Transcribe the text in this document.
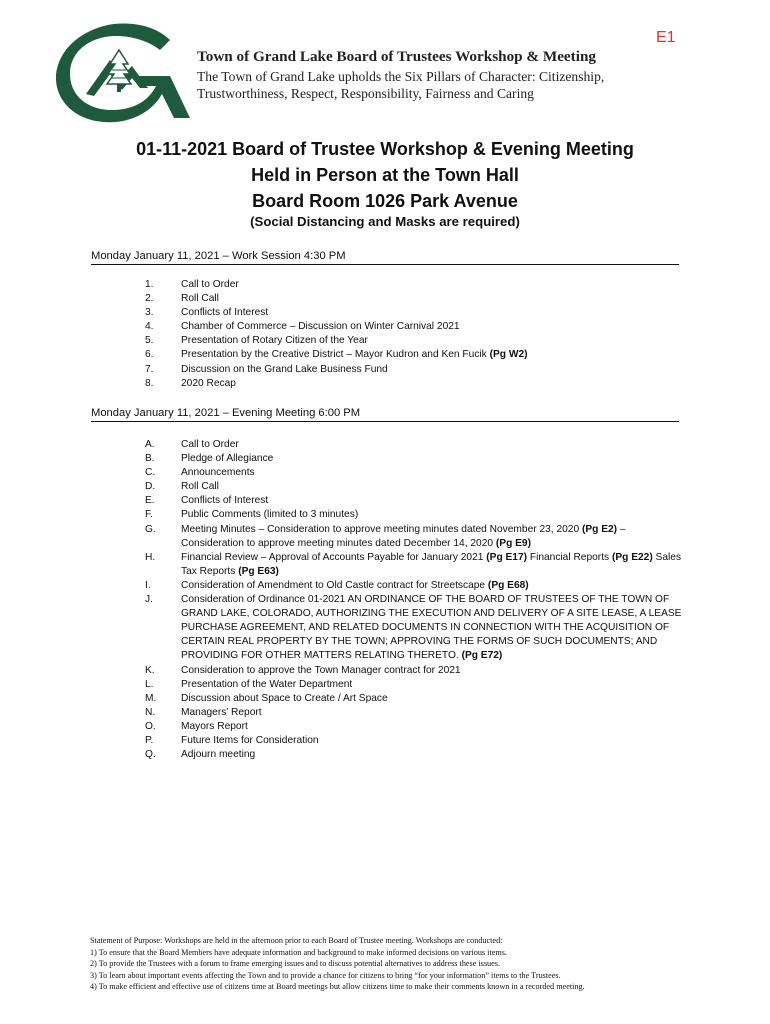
E1
Town of Grand Lake Board of Trustees Workshop & Meeting
The Town of Grand Lake upholds the Six Pillars of Character: Citizenship,
Trustworthiness, Respect, Responsibility, Fairness and Caring
01-11-2021 Board of Trustee Workshop & Evening Meeting
Held in Person at the Town Hall
Board Room 1026 Park Avenue
(Social Distancing and Masks are required)
Monday January 11, 2021 – Work Session 4:30 PM
1.	Call to Order
2.	Roll Call
3.	Conflicts of Interest
4.	Chamber of Commerce – Discussion on Winter Carnival 2021
5.	Presentation of Rotary Citizen of the Year
6.	Presentation by the Creative District – Mayor Kudron and Ken Fucik (Pg W2)
7.	Discussion on the Grand Lake Business Fund
8.	2020 Recap
Monday January 11, 2021 – Evening Meeting 6:00 PM
A.	Call to Order
B.	Pledge of Allegiance
C.	Announcements
D.	Roll Call
E.	Conflicts of Interest
F.	Public Comments (limited to 3 minutes)
G.	Meeting Minutes – Consideration to approve meeting minutes dated November 23, 2020 (Pg E2) – Consideration to approve meeting minutes dated December 14, 2020 (Pg E9)
H.	Financial Review – Approval of Accounts Payable for January 2021 (Pg E17) Financial Reports (Pg E22) Sales Tax Reports (Pg E63)
I.	Consideration of Amendment to Old Castle contract for Streetscape (Pg E68)
J.	Consideration of Ordinance 01-2021 AN ORDINANCE OF THE BOARD OF TRUSTEES OF THE TOWN OF GRAND LAKE, COLORADO, AUTHORIZING THE EXECUTION AND DELIVERY OF A SITE LEASE, A LEASE PURCHASE AGREEMENT, AND RELATED DOCUMENTS IN CONNECTION WITH THE ACQUISITION OF CERTAIN REAL PROPERTY BY THE TOWN; APPROVING THE FORMS OF SUCH DOCUMENTS; AND PROVIDING FOR OTHER MATTERS RELATING THERETO. (Pg E72)
K.	Consideration to approve the Town Manager contract for 2021
L.	Presentation of the Water Department
M.	Discussion about Space to Create / Art Space
N.	Managers’ Report
O.	Mayors Report
P.	Future Items for Consideration
Q.	Adjourn meeting
Statement of Purpose: Workshops are held in the afternoon prior to each Board of Trustee meeting. Workshops are conducted:
1) To ensure that the Board Members have adequate information and background to make informed decisions on various items.
2) To provide the Trustees with a forum to frame emerging issues and to discuss potential alternatives to address these issues.
3) To learn about important events affecting the Town and to provide a chance for citizens to bring “for your information” items to the Trustees.
4) To make efficient and effective use of citizens time at Board meetings but allow citizens time to make their comments known in a recorded meeting.
